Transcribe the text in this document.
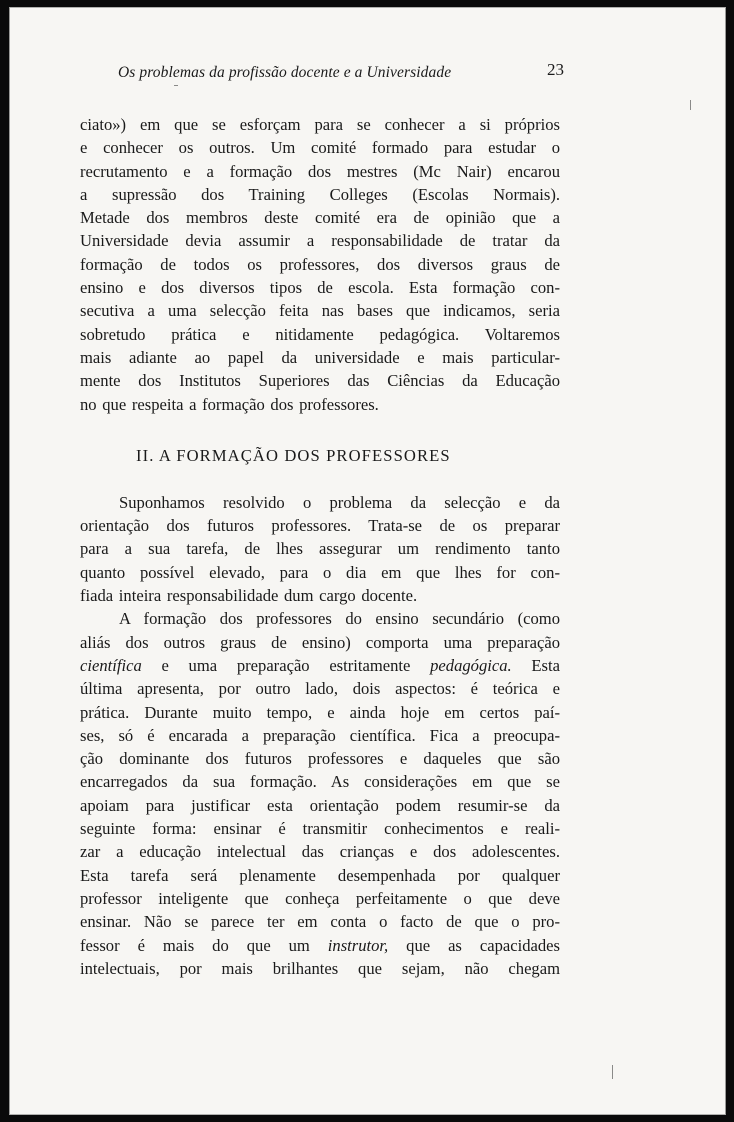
Os problemas da profissão docente e a Universidade	23

ciato») em que se esforçam para se conhecer a si próprios
e conhecer os outros. Um comité formado para estudar o
recrutamento e a formação dos mestres (Mc Nair) encarou
a supressão dos Training Colleges (Escolas Normais).
Metade dos membros deste comité era de opinião que a
Universidade devia assumir a responsabilidade de tratar da
formação de todos os professores, dos diversos graus de
ensino e dos diversos tipos de escola. Esta formação con-
secutiva a uma selecção feita nas bases que indicamos, seria
sobretudo prática e nitidamente pedagógica. Voltaremos
mais adiante ao papel da universidade e mais particular-
mente dos Institutos Superiores das Ciências da Educação
no que respeita a formação dos professores.

II. A FORMAÇÃO DOS PROFESSORES

Suponhamos resolvido o problema da selecção e da
orientação dos futuros professores. Trata-se de os preparar
para a sua tarefa, de lhes assegurar um rendimento tanto
quanto possível elevado, para o dia em que lhes for con-
fiada inteira responsabilidade dum cargo docente.

A formação dos professores do ensino secundário (como
aliás dos outros graus de ensino) comporta uma preparação
científica e uma preparação estritamente pedagógica. Esta
última apresenta, por outro lado, dois aspectos: é teórica e
prática. Durante muito tempo, e ainda hoje em certos paí-
ses, só é encarada a preparação científica. Fica a preocupa-
ção dominante dos futuros professores e daqueles que são
encarregados da sua formação. As considerações em que se
apoiam para justificar esta orientação podem resumir-se da
seguinte forma: ensinar é transmitir conhecimentos e reali-
zar a educação intelectual das crianças e dos adolescentes.
Esta tarefa será plenamente desempenhada por qualquer
professor inteligente que conheça perfeitamente o que deve
ensinar. Não se parece ter em conta o facto de que o pro-
fessor é mais do que um instrutor, que as capacidades
intelectuais, por mais brilhantes que sejam, não chegam
